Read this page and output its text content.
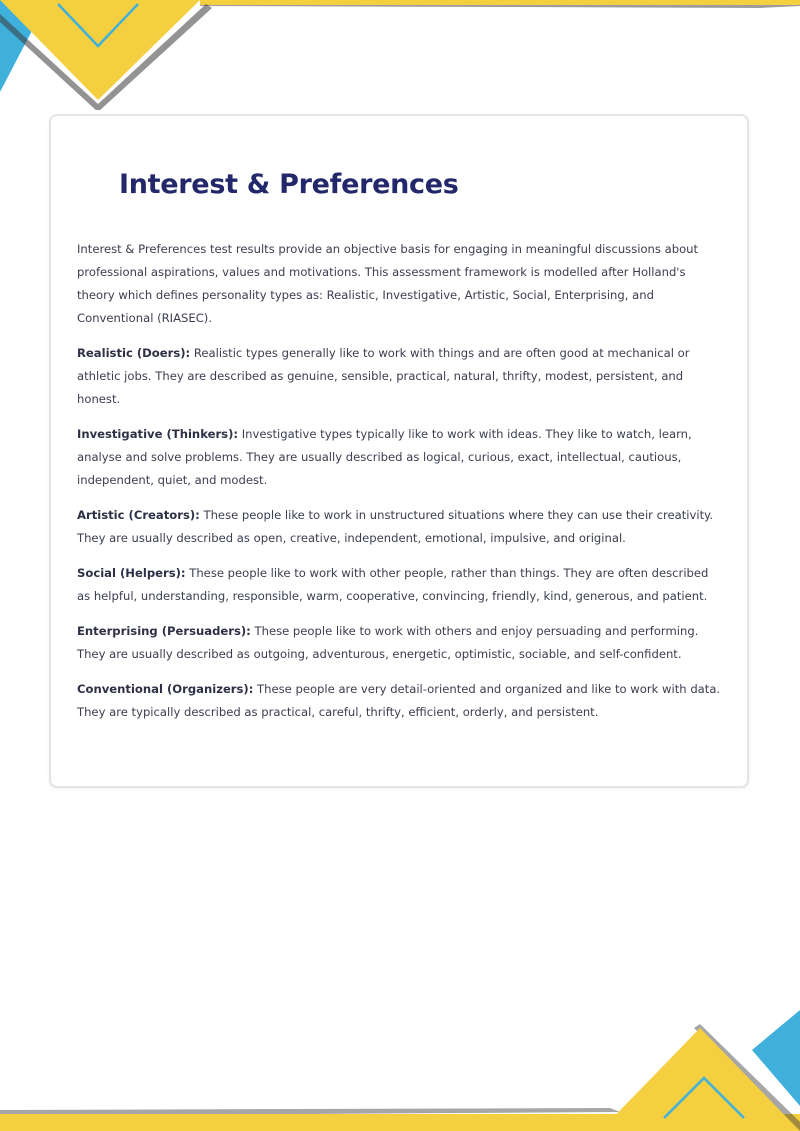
Interest & Preferences

Interest & Preferences test results provide an objective basis for engaging in meaningful discussions about professional aspirations, values and motivations. This assessment framework is modelled after Holland's theory which defines personality types as: Realistic, Investigative, Artistic, Social, Enterprising, and Conventional (RIASEC).

Realistic (Doers): Realistic types generally like to work with things and are often good at mechanical or athletic jobs. They are described as genuine, sensible, practical, natural, thrifty, modest, persistent, and honest.

Investigative (Thinkers): Investigative types typically like to work with ideas. They like to watch, learn, analyse and solve problems. They are usually described as logical, curious, exact, intellectual, cautious, independent, quiet, and modest.

Artistic (Creators): These people like to work in unstructured situations where they can use their creativity. They are usually described as open, creative, independent, emotional, impulsive, and original.

Social (Helpers): These people like to work with other people, rather than things. They are often described as helpful, understanding, responsible, warm, cooperative, convincing, friendly, kind, generous, and patient.

Enterprising (Persuaders): These people like to work with others and enjoy persuading and performing. They are usually described as outgoing, adventurous, energetic, optimistic, sociable, and self-confident.

Conventional (Organizers): These people are very detail-oriented and organized and like to work with data. They are typically described as practical, careful, thrifty, efficient, orderly, and persistent.
